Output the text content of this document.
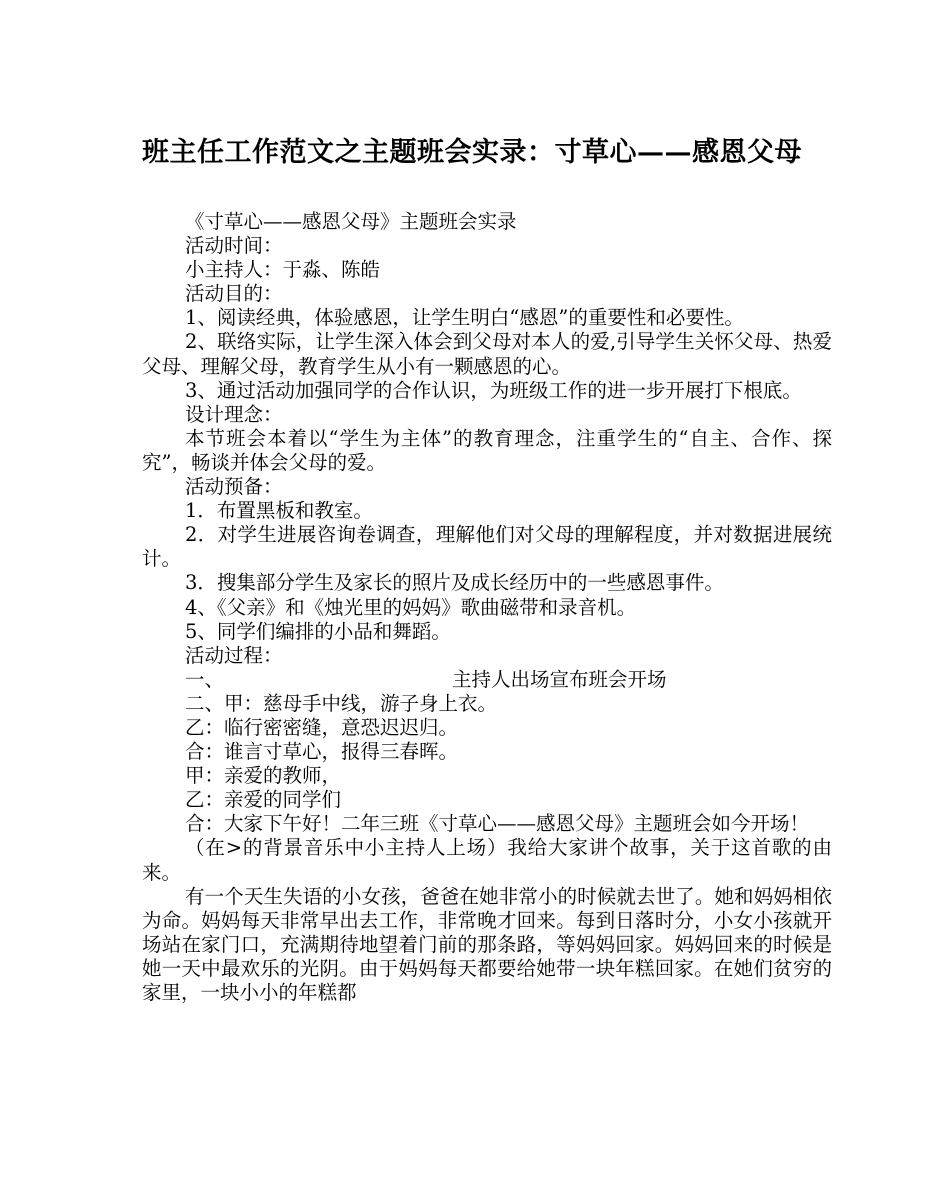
班主任工作范文之主题班会实录：寸草心——感恩父母

《寸草心——感恩父母》主题班会实录

活动时间：

小主持人：于淼、陈皓

活动目的：

1、阅读经典，体验感恩，让学生明白“感恩”的重要性和必要性。

2、联络实际，让学生深入体会到父母对本人的爱,引导学生关怀父母、热爱父母、理解父母，教育学生从小有一颗感恩的心。

3、通过活动加强同学的合作认识，为班级工作的进一步开展打下根底。

设计理念：

本节班会本着以“学生为主体”的教育理念，注重学生的“自主、合作、探究”，畅谈并体会父母的爱。

活动预备：

1．布置黑板和教室。

2．对学生进展咨询卷调查，理解他们对父母的理解程度，并对数据进展统计。

3．搜集部分学生及家长的照片及成长经历中的一些感恩事件。

4、《父亲》和《烛光里的妈妈》歌曲磁带和录音机。

5、同学们编排的小品和舞蹈。

活动过程：

一、	主持人出场宣布班会开场

二、甲：慈母手中线，游子身上衣。

乙：临行密密缝，意恐迟迟归。

合：谁言寸草心，报得三春晖。

甲：亲爱的教师，

乙：亲爱的同学们

合：大家下午好！二年三班《寸草心——感恩父母》主题班会如今开场！

（在>的背景音乐中小主持人上场）我给大家讲个故事，关于这首歌的由来。

有一个天生失语的小女孩，爸爸在她非常小的时候就去世了。她和妈妈相依为命。妈妈每天非常早出去工作，非常晚才回来。每到日落时分，小女小孩就开场站在家门口，充满期待地望着门前的那条路，等妈妈回家。妈妈回来的时候是她一天中最欢乐的光阴。由于妈妈每天都要给她带一块年糕回家。在她们贫穷的家里，一块小小的年糕都
